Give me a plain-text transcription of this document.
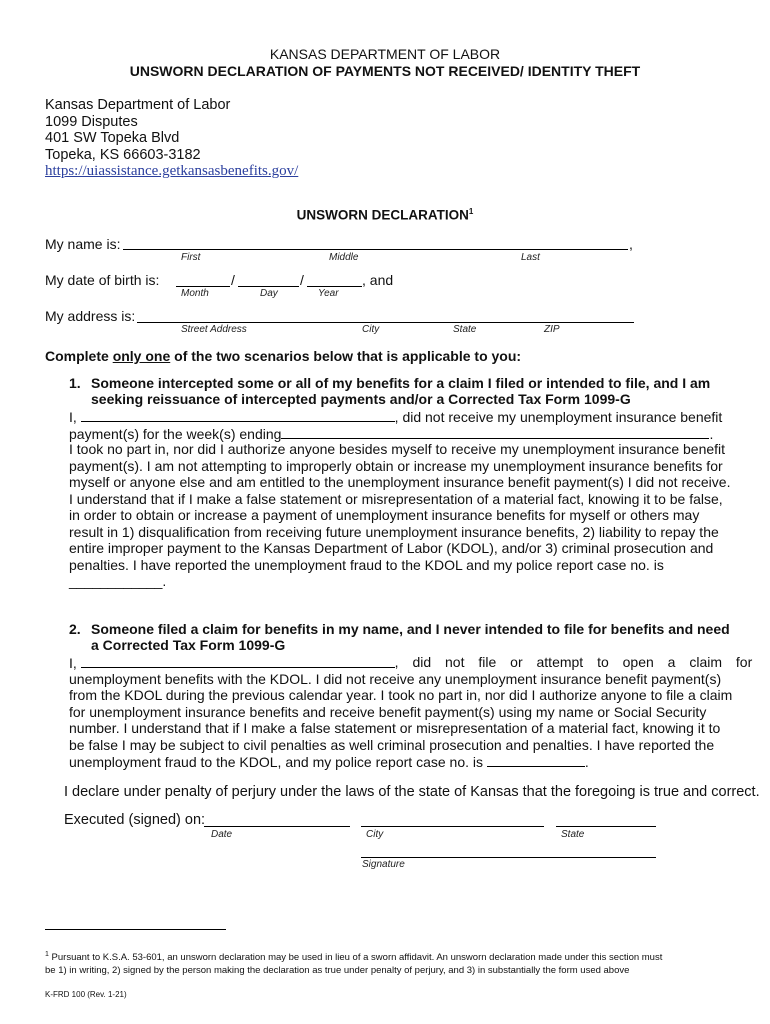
KANSAS DEPARTMENT OF LABOR
UNSWORN DECLARATION OF PAYMENTS NOT RECEIVED/ IDENTITY THEFT
Kansas Department of Labor
1099 Disputes
401 SW Topeka Blvd
Topeka, KS 66603-3182
https://uiassistance.getkansasbenefits.gov/
UNSWORN DECLARATION$^1$
My name is:	,
First	Middle	Last
My date of birth is:	/	/	, and
Month	Day	Year
My address is:
Street Address	City	State	ZIP
Complete only one of the two scenarios below that is applicable to you:
1. Someone intercepted some or all of my benefits for a claim I filed or intended to file, and I am
seeking reissuance of intercepted payments and/or a Corrected Tax Form 1099-G
I,	, did not receive my unemployment insurance benefit
payment(s) for the week(s) ending	.
I took no part in, nor did I authorize anyone besides myself to receive my unemployment insurance benefit
payment(s). I am not attempting to improperly obtain or increase my unemployment insurance benefits for
myself or anyone else and am entitled to the unemployment insurance benefit payment(s) I did not receive.
I understand that if I make a false statement or misrepresentation of a material fact, knowing it to be false,
in order to obtain or increase a payment of unemployment insurance benefits for myself or others may
result in 1) disqualification from receiving future unemployment insurance benefits, 2) liability to repay the
entire improper payment to the Kansas Department of Labor (KDOL), and/or 3) criminal prosecution and
penalties. I have reported the unemployment fraud to the KDOL and my police report case no. is
____________.
2. Someone filed a claim for benefits in my name, and I never intended to file for benefits and need
a Corrected Tax Form 1099-G
I,	, did not file or attempt to open a claim for
unemployment benefits with the KDOL. I did not receive any unemployment insurance benefit payment(s)
from the KDOL during the previous calendar year. I took no part in, nor did I authorize anyone to file a claim
for unemployment insurance benefits and receive benefit payment(s) using my name or Social Security
number. I understand that if I make a false statement or misrepresentation of a material fact, knowing it to
be false I may be subject to civil penalties as well criminal prosecution and penalties. I have reported the
unemployment fraud to the KDOL, and my police report case no. is	.
I declare under penalty of perjury under the laws of the state of Kansas that the foregoing is true and correct.
Executed (signed) on:
Date	City	State
Signature
$^1$ Pursuant to K.S.A. 53-601, an unsworn declaration may be used in lieu of a sworn affidavit. An unsworn declaration made under this section must
be 1) in writing, 2) signed by the person making the declaration as true under penalty of perjury, and 3) in substantially the form used above
K-FRD 100 (Rev. 1-21)
